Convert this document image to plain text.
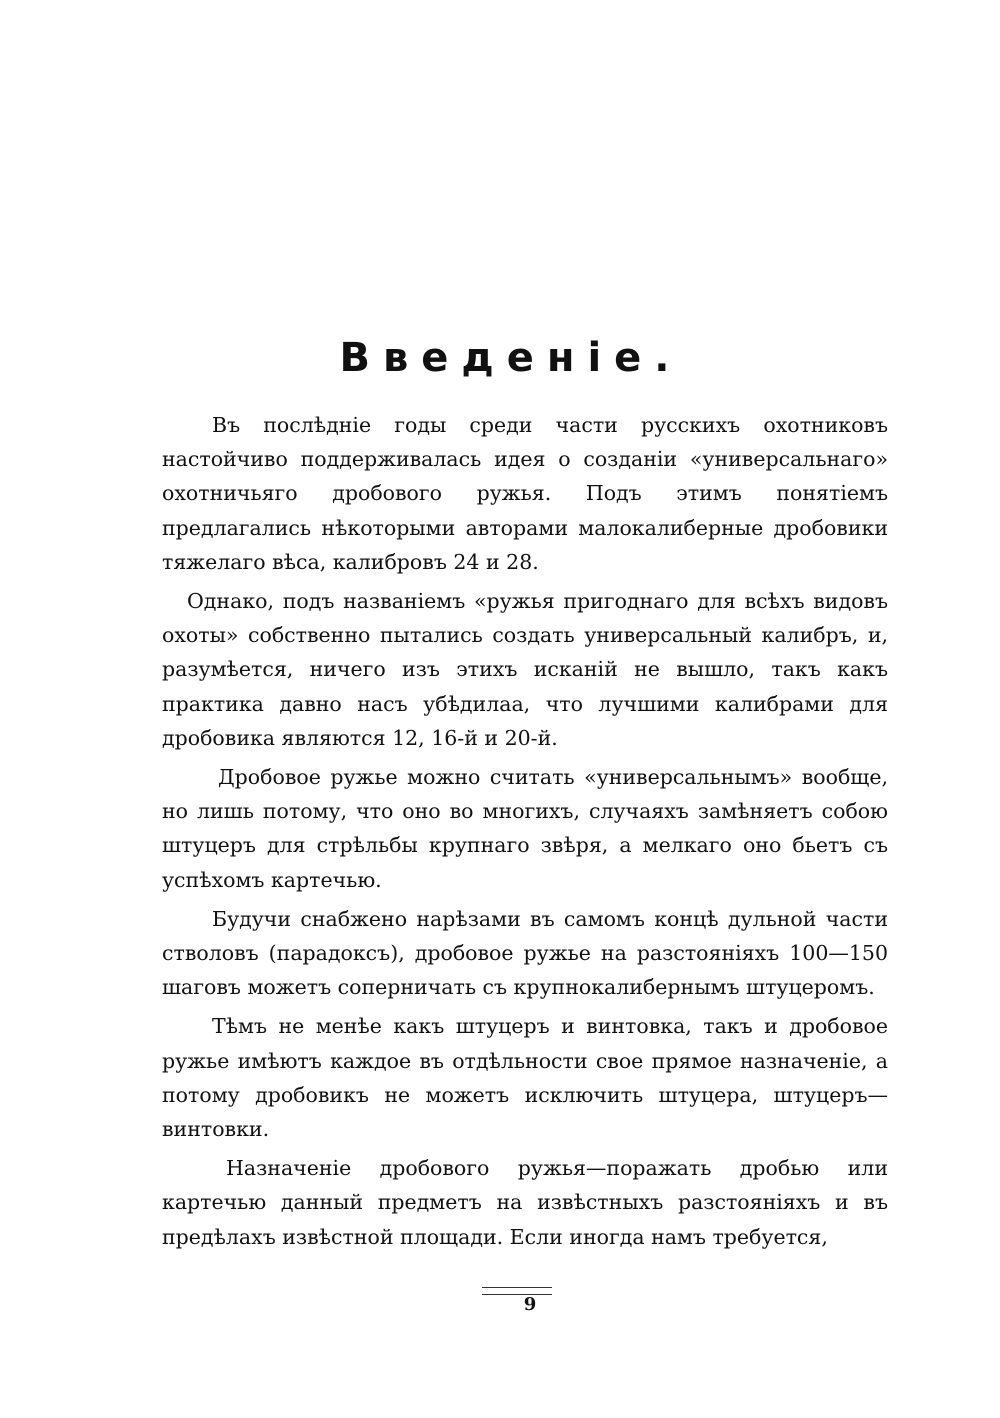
Введеніе.

Въ послѣдніе годы среди части русскихъ охотниковъ настойчиво поддерживалась идея о созданіи «универсальнаго» охотничьяго дробового ружья. Подъ этимъ понятіемъ предлагались нѣкоторыми авторами малокалиберные дробовики тяжелаго вѣса, калибровъ 24 и 28.

Однако, подъ названіемъ «ружья пригоднаго для всѣхъ видовъ охоты» собственно пытались создать универсальный калибръ, и, разумѣется, ничего изъ этихъ исканій не вышло, такъ какъ практика давно насъ убѣдилаа, что лучшими калибрами для дробовика являются 12, 16-й и 20-й.

Дробовое ружье можно считать «универсальнымъ» вообще, но лишь потому, что оно во многихъ, случаяхъ замѣняетъ собою штуцеръ для стрѣльбы крупнаго звѣря, а мелкаго оно бьетъ съ успѣхомъ картечью.

Будучи снабжено нарѣзами въ самомъ концѣ дульной части стволовъ (парадоксъ), дробовое ружье на разстояніяхъ 100—150 шаговъ можетъ соперничать съ крупнокалибернымъ штуцеромъ.

Тѣмъ не менѣе какъ штуцеръ и винтовка, такъ и дробовое ружье имѣютъ каждое въ отдѣльности свое прямое назначеніе, а потому дробовикъ не можетъ исключить штуцера, штуцеръ—винтовки.

Назначеніе дробового ружья—поражать дробью или картечью данный предметъ на извѣстныхъ разстояніяхъ и въ предѣлахъ извѣстной площади. Если иногда намъ требуется,

9
